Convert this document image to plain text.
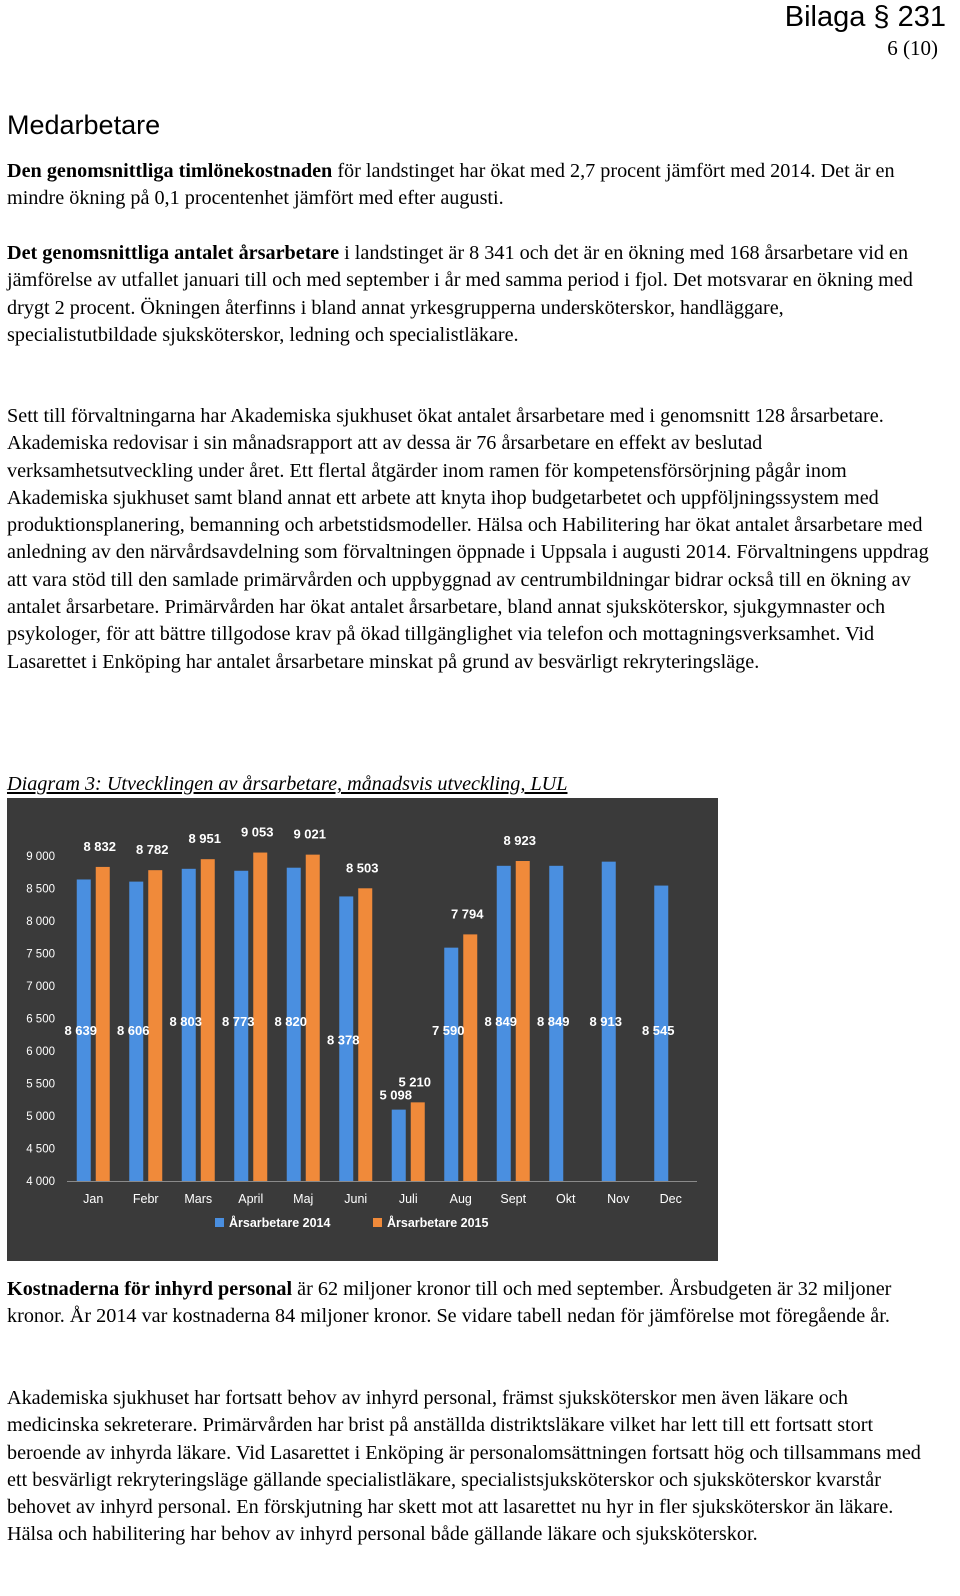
Bilaga § 231
6 (10)
Medarbetare

Den genomsnittliga timlönekostnaden för landstinget har ökat med 2,7 procent jämfört med 2014. Det är en mindre ökning på 0,1 procentenhet jämfört med efter augusti.

Det genomsnittliga antalet årsarbetare i landstinget är 8 341 och det är en ökning med 168 årsarbetare vid en jämförelse av utfallet januari till och med september i år med samma period i fjol. Det motsvarar en ökning med drygt 2 procent. Ökningen återfinns i bland annat yrkesgrupperna undersköterskor, handläggare, specialistutbildade sjuksköterskor, ledning och specialistläkare.

Sett till förvaltningarna har Akademiska sjukhuset ökat antalet årsarbetare med i genomsnitt 128 årsarbetare. Akademiska redovisar i sin månadsrapport att av dessa är 76 årsarbetare en effekt av beslutad verksamhetsutveckling under året. Ett flertal åtgärder inom ramen för kompetensförsörjning pågår inom Akademiska sjukhuset samt bland annat ett arbete att knyta ihop budgetarbetet och uppföljningssystem med produktionsplanering, bemanning och arbetstidsmodeller. Hälsa och Habilitering har ökat antalet årsarbetare med anledning av den närvårdsavdelning som förvaltningen öppnade i Uppsala i augusti 2014. Förvaltningens uppdrag att vara stöd till den samlade primärvården och uppbyggnad av centrumbildningar bidrar också till en ökning av antalet årsarbetare. Primärvården har ökat antalet årsarbetare, bland annat sjuksköterskor, sjukgymnaster och psykologer, för att bättre tillgodose krav på ökad tillgänglighet via telefon och mottagningsverksamhet. Vid Lasarettet i Enköping har antalet årsarbetare minskat på grund av besvärligt rekryteringsläge.

Diagram 3: Utvecklingen av årsarbetare, månadsvis utveckling, LUL

4 000
4 500
5 000
5 500
6 000
6 500
7 000
7 500
8 000
8 500
9 000
Jan Febr Mars April Maj Juni	Juli	Aug Sept Okt	Nov Dec
8 832
8 639
8 782
8 606
8 951
8 803
9 053
8 773
9 021
8 820
8 503
8 378
5 210
5 098
7 794
7 590
8 923
8 849 8 849 8 913
8 545
Årsarbetare 2014	Årsarbetare 2015

Kostnaderna för inhyrd personal är 62 miljoner kronor till och med september. Årsbudgeten är 32 miljoner kronor. År 2014 var kostnaderna 84 miljoner kronor. Se vidare tabell nedan för jämförelse mot föregående år.

Akademiska sjukhuset har fortsatt behov av inhyrd personal, främst sjuksköterskor men även läkare och medicinska sekreterare. Primärvården har brist på anställda distriktsläkare vilket har lett till ett fortsatt stort beroende av inhyrda läkare. Vid Lasarettet i Enköping är personalomsättningen fortsatt hög och tillsammans med ett besvärligt rekryteringsläge gällande specialistläkare, specialistsjuksköterskor och sjuksköterskor kvarstår behovet av inhyrd personal. En förskjutning har skett mot att lasarettet nu hyr in fler sjuksköterskor än läkare. Hälsa och habilitering har behov av inhyrd personal både gällande läkare och sjuksköterskor.
